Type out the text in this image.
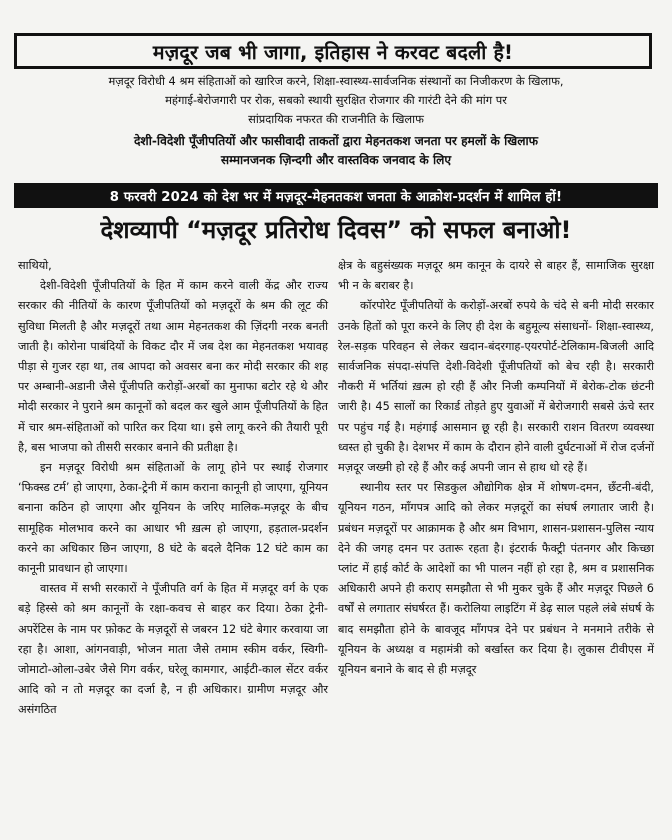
मज़दूर जब भी जागा, इतिहास ने करवट बदली है!
मज़दूर विरोधी 4 श्रम संहिताओं को खारिज करने, शिक्षा-स्वास्थ्य-सार्वजनिक संस्थानों का निजीकरण के खिलाफ,
महंगाई-बेरोजगारी पर रोक, सबको स्थायी सुरक्षित रोजगार की गारंटी देने की मांग पर
सांप्रदायिक नफरत की राजनीति के खिलाफ
देशी-विदेशी पूँजीपतियों और फासीवादी ताकतों द्वारा मेहनतकश जनता पर हमलों के खिलाफ
सम्मानजनक ज़िन्दगी और वास्तविक जनवाद के लिए
8 फरवरी 2024 को देश भर में मज़दूर-मेहनतकश जनता के आक्रोश-प्रदर्शन में शामिल हों!
देशव्यापी “मज़दूर प्रतिरोध दिवस” को सफल बनाओ!

साथियो,

देशी-विदेशी पूँजीपतियों के हित में काम करने वाली केंद्र और राज्य सरकार की नीतियों के कारण पूँजीपतियों को मज़दूरों के श्रम की लूट की सुविधा मिलती है और मज़दूरों तथा आम मेहनतकश की ज़िंदगी नरक बनती जाती है। कोरोना पाबंदियों के विकट दौर में जब देश का मेहनतकश भयावह पीड़ा से गुजर रहा था, तब आपदा को अवसर बना कर मोदी सरकार की शह पर अम्बानी-अडानी जैसे पूँजीपति करोड़ों-अरबों का मुनाफा बटोर रहे थे और मोदी सरकार ने पुराने श्रम कानूनों को बदल कर खुले आम पूँजीपतियों के हित में चार श्रम-संहिताओं को पारित कर दिया था। इसे लागू करने की तैयारी पूरी है, बस भाजपा को तीसरी सरकार बनाने की प्रतीक्षा है।

इन मज़दूर विरोधी श्रम संहिताओं के लागू होने पर स्थाई रोजगार ‘फिक्स्ड टर्म’ हो जाएगा, ठेका-ट्रेनी में काम कराना कानूनी हो जाएगा, यूनियन बनाना कठिन हो जाएगा और यूनियन के जरिए मालिक-मज़दूर के बीच सामूहिक मोलभाव करने का आधार भी ख़त्म हो जाएगा, हड़ताल-प्रदर्शन करने का अधिकार छिन जाएगा, 8 घंटे के बदले दैनिक 12 घंटे काम का कानूनी प्रावधान हो जाएगा।

वास्तव में सभी सरकारों ने पूँजीपति वर्ग के हित में मज़दूर वर्ग के एक बड़े हिस्से को श्रम कानूनों के रक्षा-कवच से बाहर कर दिया। ठेका ट्रेनी-अपरेंटिस के नाम पर फ़ोकट के मज़दूरों से जबरन 12 घंटे बेगार करवाया जा रहा है। आशा, आंगनवाड़ी, भोजन माता जैसे तमाम स्कीम वर्कर, स्विगी-जोमाटो-ओला-उबेर जैसे गिग वर्कर, घरेलू कामगार, आईटी-काल सेंटर वर्कर आदि को न तो मज़दूर का दर्जा है, न ही अधिकार। ग्रामीण मज़दूर और असंगठित

क्षेत्र के बहुसंख्यक मज़दूर श्रम कानून के दायरे से बाहर हैं, सामाजिक सुरक्षा भी न के बराबर है।

कॉरपोरेट पूँजीपतियों के करोड़ों-अरबों रुपये के चंदे से बनी मोदी सरकार उनके हितों को पूरा करने के लिए ही देश के बहुमूल्य संसाधनों- शिक्षा-स्वास्थ्य, रेल-सड़क परिवहन से लेकर खदान-बंदरगाह-एयरपोर्ट-टेलिकाम-बिजली आदि सार्वजनिक संपदा-संपत्ति देशी-विदेशी पूँजीपतियों को बेच रही है। सरकारी नौकरी में भर्तियां ख़त्म हो रही हैं और निजी कम्पनियों में बेरोक-टोक छंटनी जारी है। 45 सालों का रिकार्ड तोड़ते हुए युवाओं में बेरोजगारी सबसे ऊंचे स्तर पर पहुंच गई है। महंगाई आसमान छू रही है। सरकारी राशन वितरण व्यवस्था ध्वस्त हो चुकी है। देशभर में काम के दौरान होने वाली दुर्घटनाओं में रोज दर्जनों मज़दूर जख्मी हो रहे हैं और कई अपनी जान से हाथ धो रहे हैं।

स्थानीय स्तर पर सिडकुल औद्योगिक क्षेत्र में शोषण-दमन, छँटनी-बंदी, यूनियन गठन, माँगपत्र आदि को लेकर मज़दूरों का संघर्ष लगातार जारी है। प्रबंधन मज़दूरों पर आक्रामक है और श्रम विभाग, शासन-प्रशासन-पुलिस न्याय देने की जगह दमन पर उतारू रहता है। इंटरार्क फैक्ट्री पंतनगर और किच्छा प्लांट में हाई कोर्ट के आदेशों का भी पालन नहीं हो रहा है, श्रम व प्रशासनिक अधिकारी अपने ही कराए समझौता से भी मुकर चुके हैं और मज़दूर पिछले 6 वर्षों से लगातार संघर्षरत हैं। करोलिया लाइटिंग में डेढ़ साल पहले लंबे संघर्ष के बाद समझौता होने के बावजूद माँगपत्र देने पर प्रबंधन ने मनमाने तरीके से यूनियन के अध्यक्ष व महामंत्री को बर्खास्त कर दिया है। लुकास टीवीएस में यूनियन बनाने के बाद से ही मज़दूर
